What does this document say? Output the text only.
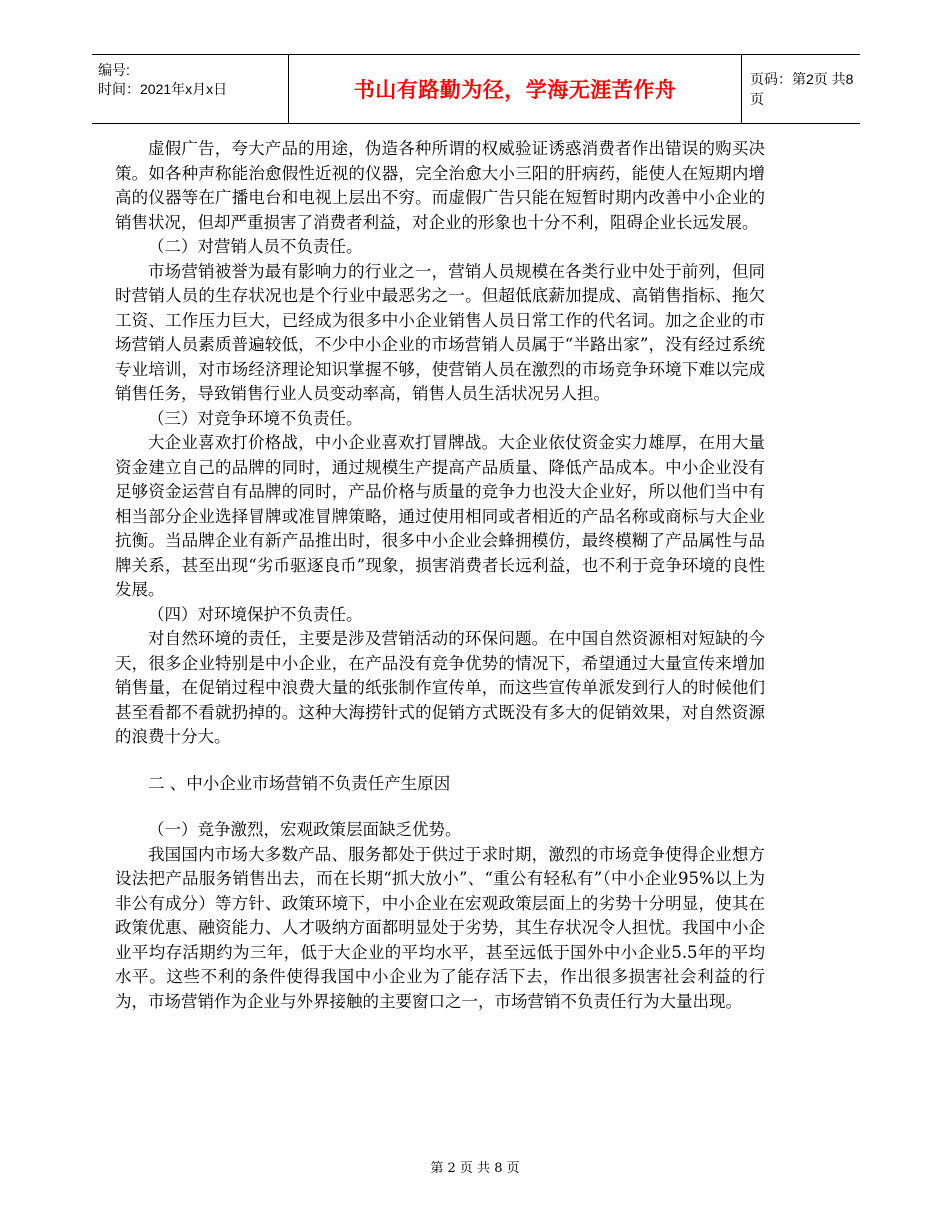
编号:
时间：2021年x月x日	书山有路勤为径，学海无涯苦作舟	页码：第2页 共8页

虚假广告，夸大产品的用途，伪造各种所谓的权威验证诱惑消费者作出错误的购买决策。如各种声称能治愈假性近视的仪器，完全治愈大小三阳的肝病药，能使人在短期内增高的仪器等在广播电台和电视上层出不穷。而虚假广告只能在短暂时期内改善中小企业的销售状况，但却严重损害了消费者利益，对企业的形象也十分不利，阻碍企业长远发展。

（二）对营销人员不负责任。

市场营销被誉为最有影响力的行业之一，营销人员规模在各类行业中处于前列，但同时营销人员的生存状况也是个行业中最恶劣之一。但超低底薪加提成、高销售指标、拖欠工资、工作压力巨大，已经成为很多中小企业销售人员日常工作的代名词。加之企业的市场营销人员素质普遍较低，不少中小企业的市场营销人员属于“半路出家”，没有经过系统专业培训，对市场经济理论知识掌握不够，使营销人员在激烈的市场竞争环境下难以完成销售任务，导致销售行业人员变动率高，销售人员生活状况另人担。

（三）对竞争环境不负责任。

大企业喜欢打价格战，中小企业喜欢打冒牌战。大企业依仗资金实力雄厚，在用大量资金建立自己的品牌的同时，通过规模生产提高产品质量、降低产品成本。中小企业没有足够资金运营自有品牌的同时，产品价格与质量的竞争力也没大企业好，所以他们当中有相当部分企业选择冒牌或准冒牌策略，通过使用相同或者相近的产品名称或商标与大企业抗衡。当品牌企业有新产品推出时，很多中小企业会蜂拥模仿，最终模糊了产品属性与品牌关系，甚至出现“劣币驱逐良币”现象，损害消费者长远利益，也不利于竞争环境的良性发展。

（四）对环境保护不负责任。

对自然环境的责任，主要是涉及营销活动的环保问题。在中国自然资源相对短缺的今天，很多企业特别是中小企业，在产品没有竞争优势的情况下，希望通过大量宣传来增加销售量，在促销过程中浪费大量的纸张制作宣传单，而这些宣传单派发到行人的时候他们甚至看都不看就扔掉的。这种大海捞针式的促销方式既没有多大的促销效果，对自然资源的浪费十分大。

二 、中小企业市场营销不负责任产生原因

（一）竞争激烈，宏观政策层面缺乏优势。

我国国内市场大多数产品、服务都处于供过于求时期，激烈的市场竞争使得企业想方设法把产品服务销售出去，而在长期“抓大放小”、“重公有轻私有”（中小企业95%以上为非公有成分）等方针、政策环境下，中小企业在宏观政策层面上的劣势十分明显，使其在政策优惠、融资能力、人才吸纳方面都明显处于劣势，其生存状况令人担忧。我国中小企业平均存活期约为三年，低于大企业的平均水平，甚至远低于国外中小企业5.5年的平均水平。这些不利的条件使得我国中小企业为了能存活下去，作出很多损害社会利益的行为，市场营销作为企业与外界接触的主要窗口之一，市场营销不负责任行为大量出现。

第 2 页 共 8 页
